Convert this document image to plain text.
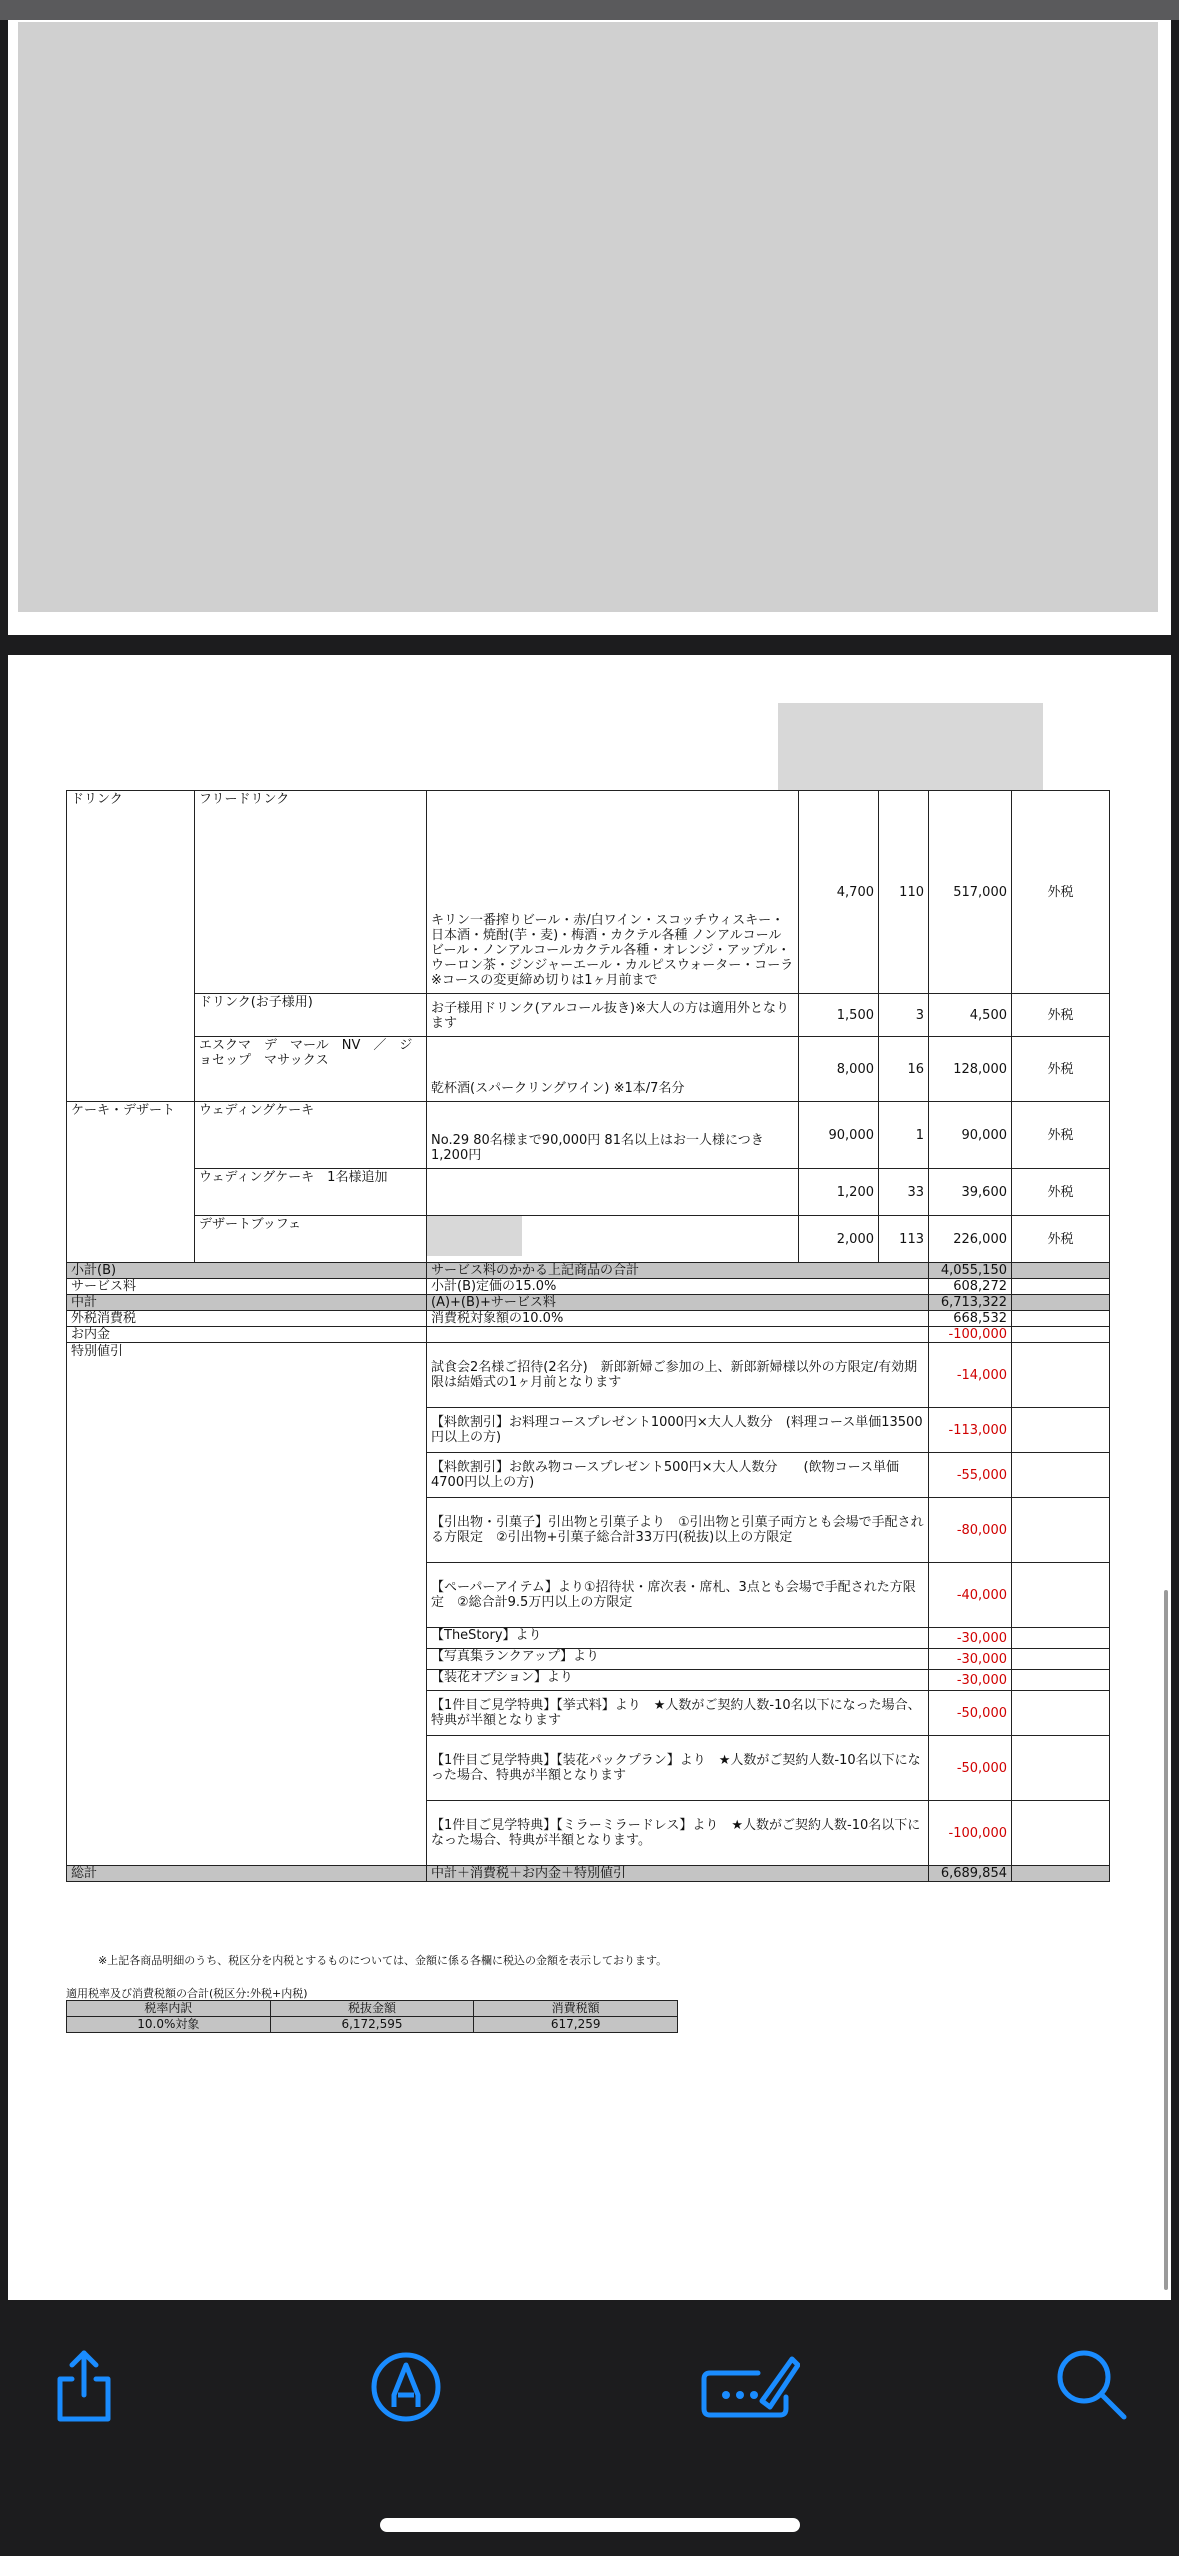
ドリンク	フリードリンク	キリン一番搾りビール・赤/白ワイン・スコッチウィスキー・日本酒・焼酎(芋・麦)・梅酒・カクテル各種 ノンアルコールビール・ノンアルコールカクテル各種・オレンジ・アップル・ウーロン茶・ジンジャーエール・カルピスウォーター・コーラ ※コースの変更締め切りは1ヶ月前まで	4,700	110	517,000	外税
	ドリンク(お子様用)	お子様用ドリンク(アルコール抜き)※大人の方は適用外となります	1,500	3	4,500	外税
	エスクマ　デ　マール　NV　／　ジョセップ　マサックス	乾杯酒(スパークリングワイン) ※1本/7名分	8,000	16	128,000	外税
ケーキ・デザート	ウェディングケーキ	No.29 80名様まで90,000円 81名以上はお一人様につき1,200円	90,000	1	90,000	外税
	ウェディングケーキ　1名様追加		1,200	33	39,600	外税
	デザートブッフェ		2,000	113	226,000	外税
小計(B)		サービス料のかかる上記商品の合計			4,055,150	
サービス料		小計(B)定価の15.0%			608,272	
中計		(A)+(B)+サービス料			6,713,322	
外税消費税		消費税対象額の10.0%			668,532	
お内金					-100,000	
特別値引		試食会2名様ご招待(2名分)　新郎新婦ご参加の上、新郎新婦様以外の方限定/有効期限は結婚式の1ヶ月前となります			-14,000	
		【料飲割引】お料理コースプレゼント1000円×大人人数分　(料理コース単価13500円以上の方)			-113,000	
		【料飲割引】お飲み物コースプレゼント500円×大人人数分　　(飲物コース単価4700円以上の方)			-55,000	
		【引出物・引菓子】引出物と引菓子より　①引出物と引菓子両方とも会場で手配される方限定　②引出物+引菓子総合計33万円(税抜)以上の方限定			-80,000	
		【ペーパーアイテム】より①招待状・席次表・席札、3点とも会場で手配された方限定　②総合計9.5万円以上の方限定			-40,000	
		【TheStory】より			-30,000	
		【写真集ランクアップ】より			-30,000	
		【装花オプション】より			-30,000	
		【1件目ご見学特典】【挙式料】より　★人数がご契約人数-10名以下になった場合、特典が半額となります			-50,000	
		【1件目ご見学特典】【装花パックプラン】より　★人数がご契約人数-10名以下になった場合、特典が半額となります			-50,000	
		【1件目ご見学特典】【ミラーミラードレス】より　★人数がご契約人数-10名以下になった場合、特典が半額となります。			-100,000	
総計		中計＋消費税＋お内金＋特別値引			6,689,854	
※上記各商品明細のうち、税区分を内税とするものについては、金額に係る各欄に税込の金額を表示しております。
適用税率及び消費税額の合計(税区分:外税+内税)
税率内訳	税抜金額	消費税額
10.0%対象	6,172,595	617,259
